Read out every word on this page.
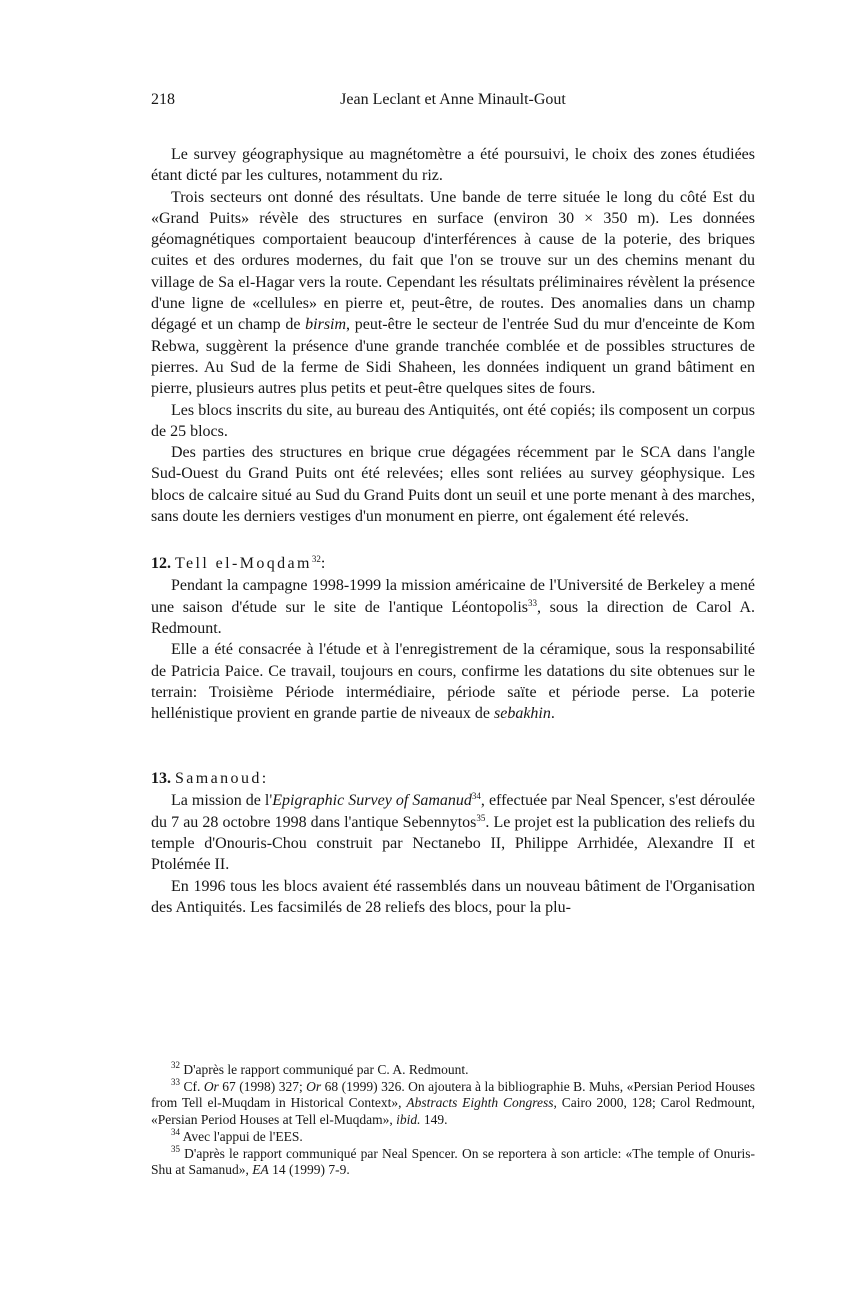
218	Jean Leclant et Anne Minault-Gout

Le survey géographysique au magnétomètre a été poursuivi, le choix des zones étudiées étant dicté par les cultures, notamment du riz.

Trois secteurs ont donné des résultats. Une bande de terre située le long du côté Est du «Grand Puits» révèle des structures en surface (environ 30 × 350 m). Les données géomagnétiques comportaient beaucoup d'interférences à cause de la poterie, des briques cuites et des ordures modernes, du fait que l'on se trouve sur un des chemins menant du village de Sa el-Hagar vers la route. Cependant les résultats préliminaires révèlent la présence d'une ligne de «cellules» en pierre et, peut-être, de routes. Des anomalies dans un champ dégagé et un champ de birsim, peut-être le secteur de l'entrée Sud du mur d'enceinte de Kom Rebwa, suggèrent la présence d'une grande tranchée comblée et de possibles structures de pierres. Au Sud de la ferme de Sidi Shaheen, les données indiquent un grand bâtiment en pierre, plusieurs autres plus petits et peut-être quelques sites de fours.

Les blocs inscrits du site, au bureau des Antiquités, ont été copiés; ils composent un corpus de 25 blocs.

Des parties des structures en brique crue dégagées récemment par le SCA dans l'angle Sud-Ouest du Grand Puits ont été relevées; elles sont reliées au survey géophysique. Les blocs de calcaire situé au Sud du Grand Puits dont un seuil et une porte menant à des marches, sans doute les derniers vestiges d'un monument en pierre, ont également été relevés.

12. Tell el-Moqdam$^{32}$:

Pendant la campagne 1998-1999 la mission américaine de l'Université de Berkeley a mené une saison d'étude sur le site de l'antique Léontopolis$^{33}$, sous la direction de Carol A. Redmount.

Elle a été consacrée à l'étude et à l'enregistrement de la céramique, sous la responsabilité de Patricia Paice. Ce travail, toujours en cours, confirme les datations du site obtenues sur le terrain: Troisième Période intermédiaire, période saïte et période perse. La poterie hellénistique provient en grande partie de niveaux de sebakhin.

13. Samanoud:

La mission de l'Epigraphic Survey of Samanud$^{34}$, effectuée par Neal Spencer, s'est déroulée du 7 au 28 octobre 1998 dans l'antique Sebennytos$^{35}$. Le projet est la publication des reliefs du temple d'Onouris-Chou construit par Nectanebo II, Philippe Arrhidée, Alexandre II et Ptolémée II.

En 1996 tous les blocs avaient été rassemblés dans un nouveau bâtiment de l'Organisation des Antiquités. Les facsimilés de 28 reliefs des blocs, pour la plu-

$^{32}$ D'après le rapport communiqué par C. A. Redmount.

$^{33}$ Cf. Or 67 (1998) 327; Or 68 (1999) 326. On ajoutera à la bibliographie B. Muhs, «Persian Period Houses from Tell el-Muqdam in Historical Context», Abstracts Eighth Congress, Cairo 2000, 128; Carol Redmount, «Persian Period Houses at Tell el-Muqdam», ibid. 149.

$^{34}$ Avec l'appui de l'EES.

$^{35}$ D'après le rapport communiqué par Neal Spencer. On se reportera à son article: «The temple of Onuris-Shu at Samanud», EA 14 (1999) 7-9.
